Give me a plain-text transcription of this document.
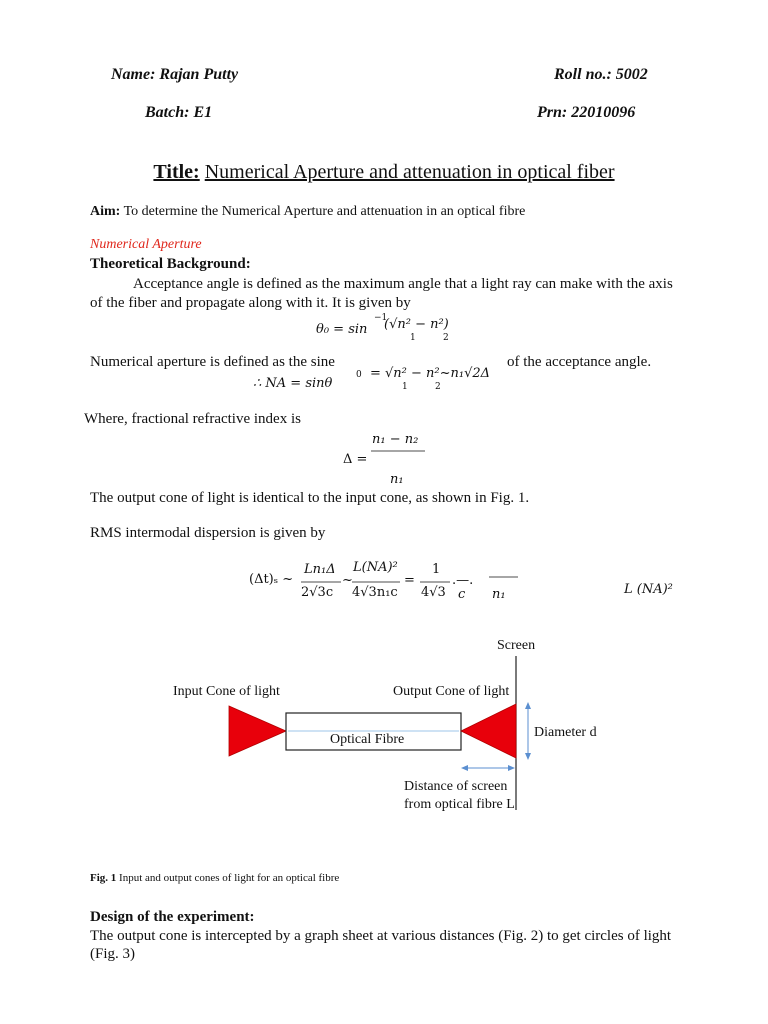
Name: Rajan Putty	Roll no.: 5002
Batch: E1	Prn: 22010096
Title: Numerical Aperture and attenuation in optical fiber
Aim: To determine the Numerical Aperture and attenuation in an optical fibre
Numerical Aperture
Theoretical Background:
Acceptance angle is defined as the maximum angle that a light ray can make with the axis
of the fiber and propagate along with it. It is given by
θ₀ = sin
−1
(√n² − n²)
1	2
Numerical aperture is defined as the sine	of the acceptance angle.
∴ NA = sinθ
0 = √n² − n²~n₁√2Δ
1	2
Where, fractional refractive index is
n₁ − n₂
Δ =
n₁
The output cone of light is identical to the input cone, as shown in Fig. 1.
RMS intermodal dispersion is given by
(Δt)ₛ ~
Ln₁Δ
2√3c
~
L(NA)²
4√3n₁c
=
1
4√3 c
.—.
n₁	L (NA)²
Screen
Input Cone of light	Output Cone of light
Optical Fibre	Diameter d
Distance of screen
from optical fibre L
Fig. 1 Input and output cones of light for an optical fibre
Design of the experiment:
The output cone is intercepted by a graph sheet at various distances (Fig. 2) to get circles of light
(Fig. 3)
